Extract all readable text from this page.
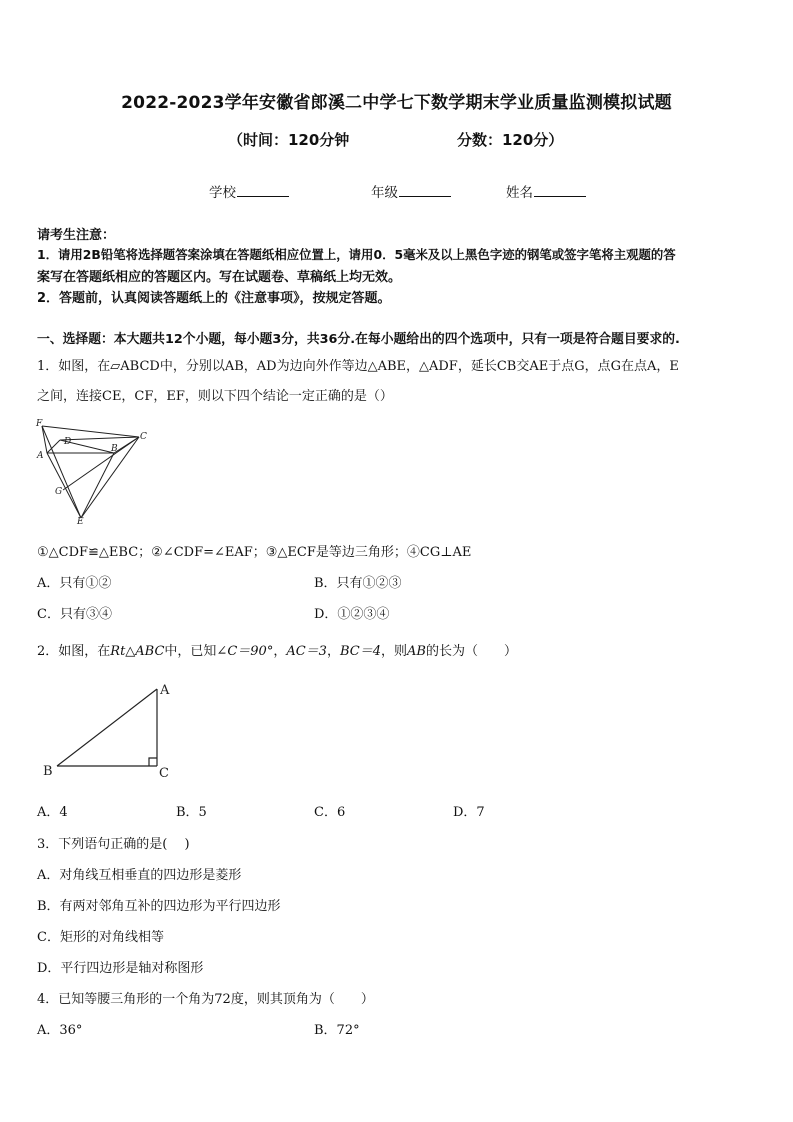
2022-2023学年安徽省郎溪二中学七下数学期末学业质量监测模拟试题
（时间：120分钟	分数：120分）
学校	年级	姓名
请考生注意：
1．请用2B铅笔将选择题答案涂填在答题纸相应位置上，请用0．5毫米及以上黑色字迹的钢笔或签字笔将主观题的答
案写在答题纸相应的答题区内。写在试题卷、草稿纸上均无效。
2．答题前，认真阅读答题纸上的《注意事项》，按规定答题。
一、选择题：本大题共12个小题，每小题3分，共36分.在每小题给出的四个选项中，只有一项是符合题目要求的.
1．如图，在▱ABCD中，分别以AB，AD为边向外作等边△ABE，△ADF，延长CB交AE于点G，点G在点A，E
之间，连接CE，CF，EF，则以下四个结论一定正确的是（）
F
D	C
A
B
G
E
①△CDF≌△EBC；②∠CDF=∠EAF；③△ECF是等边三角形；④CG⊥AE
A．只有①②	B．只有①②③
C．只有③④	D．①②③④
2．如图，在Rt△ABC中，已知∠C＝90°，AC＝3，BC＝4，则AB的长为（　　）
A
B	C
A．4	B．5	C．6	D．7
3．下列语句正确的是(　 )
A．对角线互相垂直的四边形是菱形
B．有两对邻角互补的四边形为平行四边形
C．矩形的对角线相等
D．平行四边形是轴对称图形
4．已知等腰三角形的一个角为72度，则其顶角为（　　）
A．36°	B．72°
